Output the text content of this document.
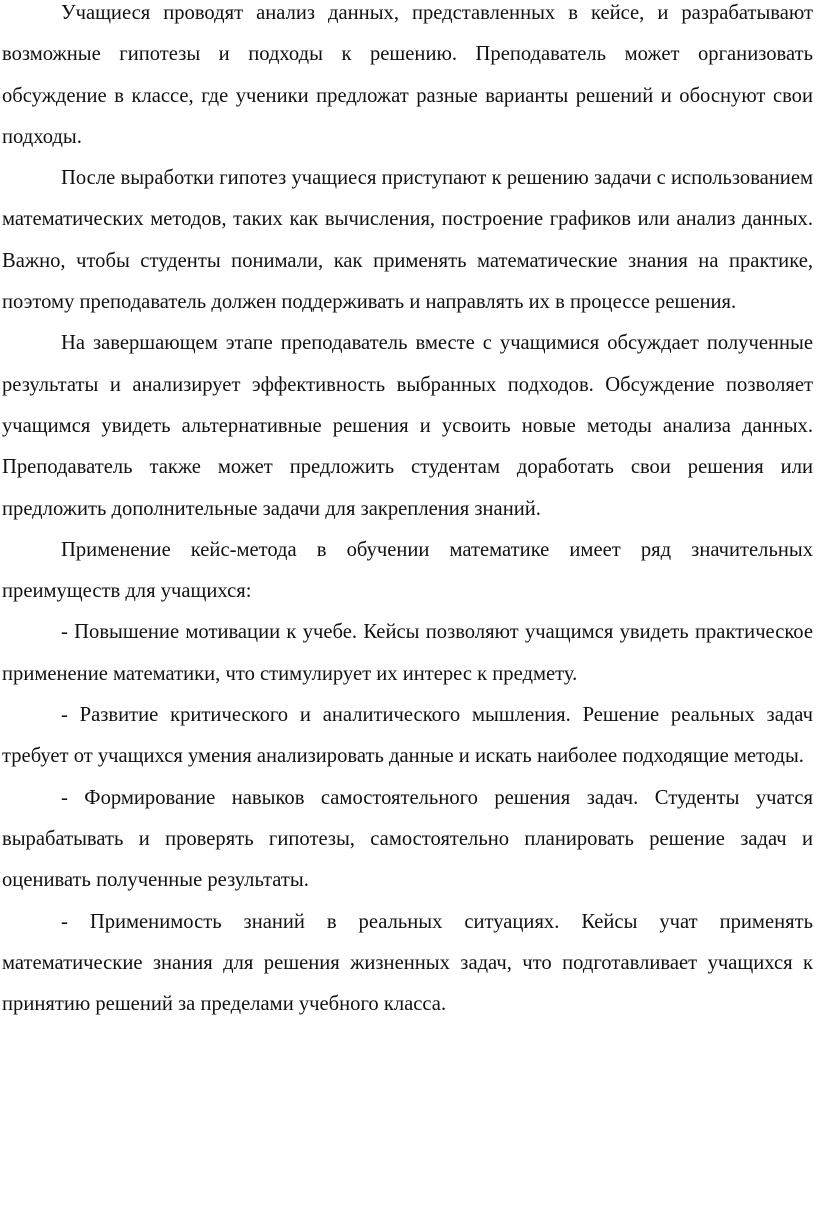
Учащиеся проводят анализ данных, представленных в кейсе, и разрабатывают возможные гипотезы и подходы к решению. Преподаватель может организовать обсуждение в классе, где ученики предложат разные варианты решений и обоснуют свои подходы.

После выработки гипотез учащиеся приступают к решению задачи с использованием математических методов, таких как вычисления, построение графиков или анализ данных. Важно, чтобы студенты понимали, как применять математические знания на практике, поэтому преподаватель должен поддерживать и направлять их в процессе решения.

На завершающем этапе преподаватель вместе с учащимися обсуждает полученные результаты и анализирует эффективность выбранных подходов. Обсуждение позволяет учащимся увидеть альтернативные решения и усвоить новые методы анализа данных. Преподаватель также может предложить студентам доработать свои решения или предложить дополнительные задачи для закрепления знаний.

Применение кейс-метода в обучении математике имеет ряд значительных преимуществ для учащихся:

- Повышение мотивации к учебе. Кейсы позволяют учащимся увидеть практическое применение математики, что стимулирует их интерес к предмету.

- Развитие критического и аналитического мышления. Решение реальных задач требует от учащихся умения анализировать данные и искать наиболее подходящие методы.

- Формирование навыков самостоятельного решения задач. Студенты учатся вырабатывать и проверять гипотезы, самостоятельно планировать решение задач и оценивать полученные результаты.

- Применимость знаний в реальных ситуациях. Кейсы учат применять математические знания для решения жизненных задач, что подготавливает учащихся к принятию решений за пределами учебного класса.
